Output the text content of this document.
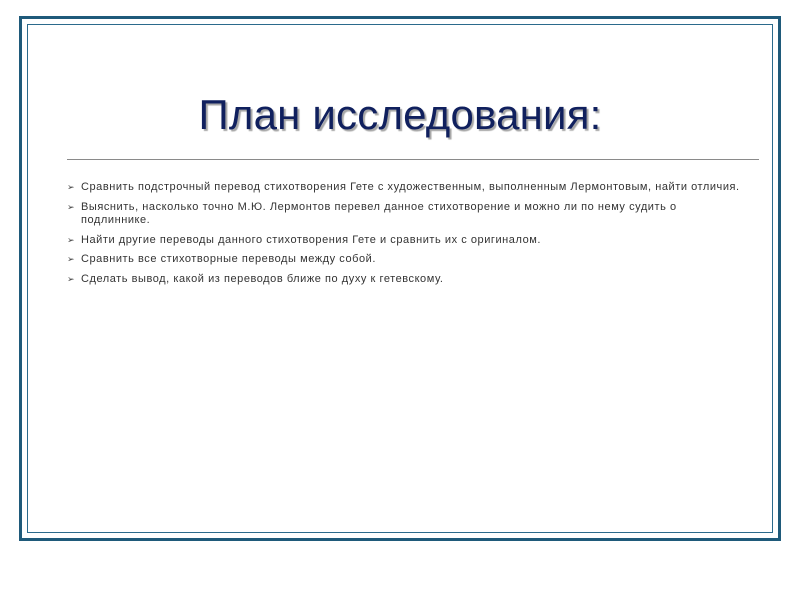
План исследования:
➢ Сравнить подстрочный перевод стихотворения Гете с художественным, выполненным Лермонтовым, найти отличия.
➢ Выяснить, насколько точно М.Ю. Лермонтов перевел данное стихотворение и можно ли по нему судить о подлиннике.
➢ Найти другие переводы данного стихотворения Гете и сравнить их с оригиналом.
➢ Сравнить все стихотворные переводы между собой.
➢ Сделать вывод, какой из переводов ближе по духу к гетевскому.
